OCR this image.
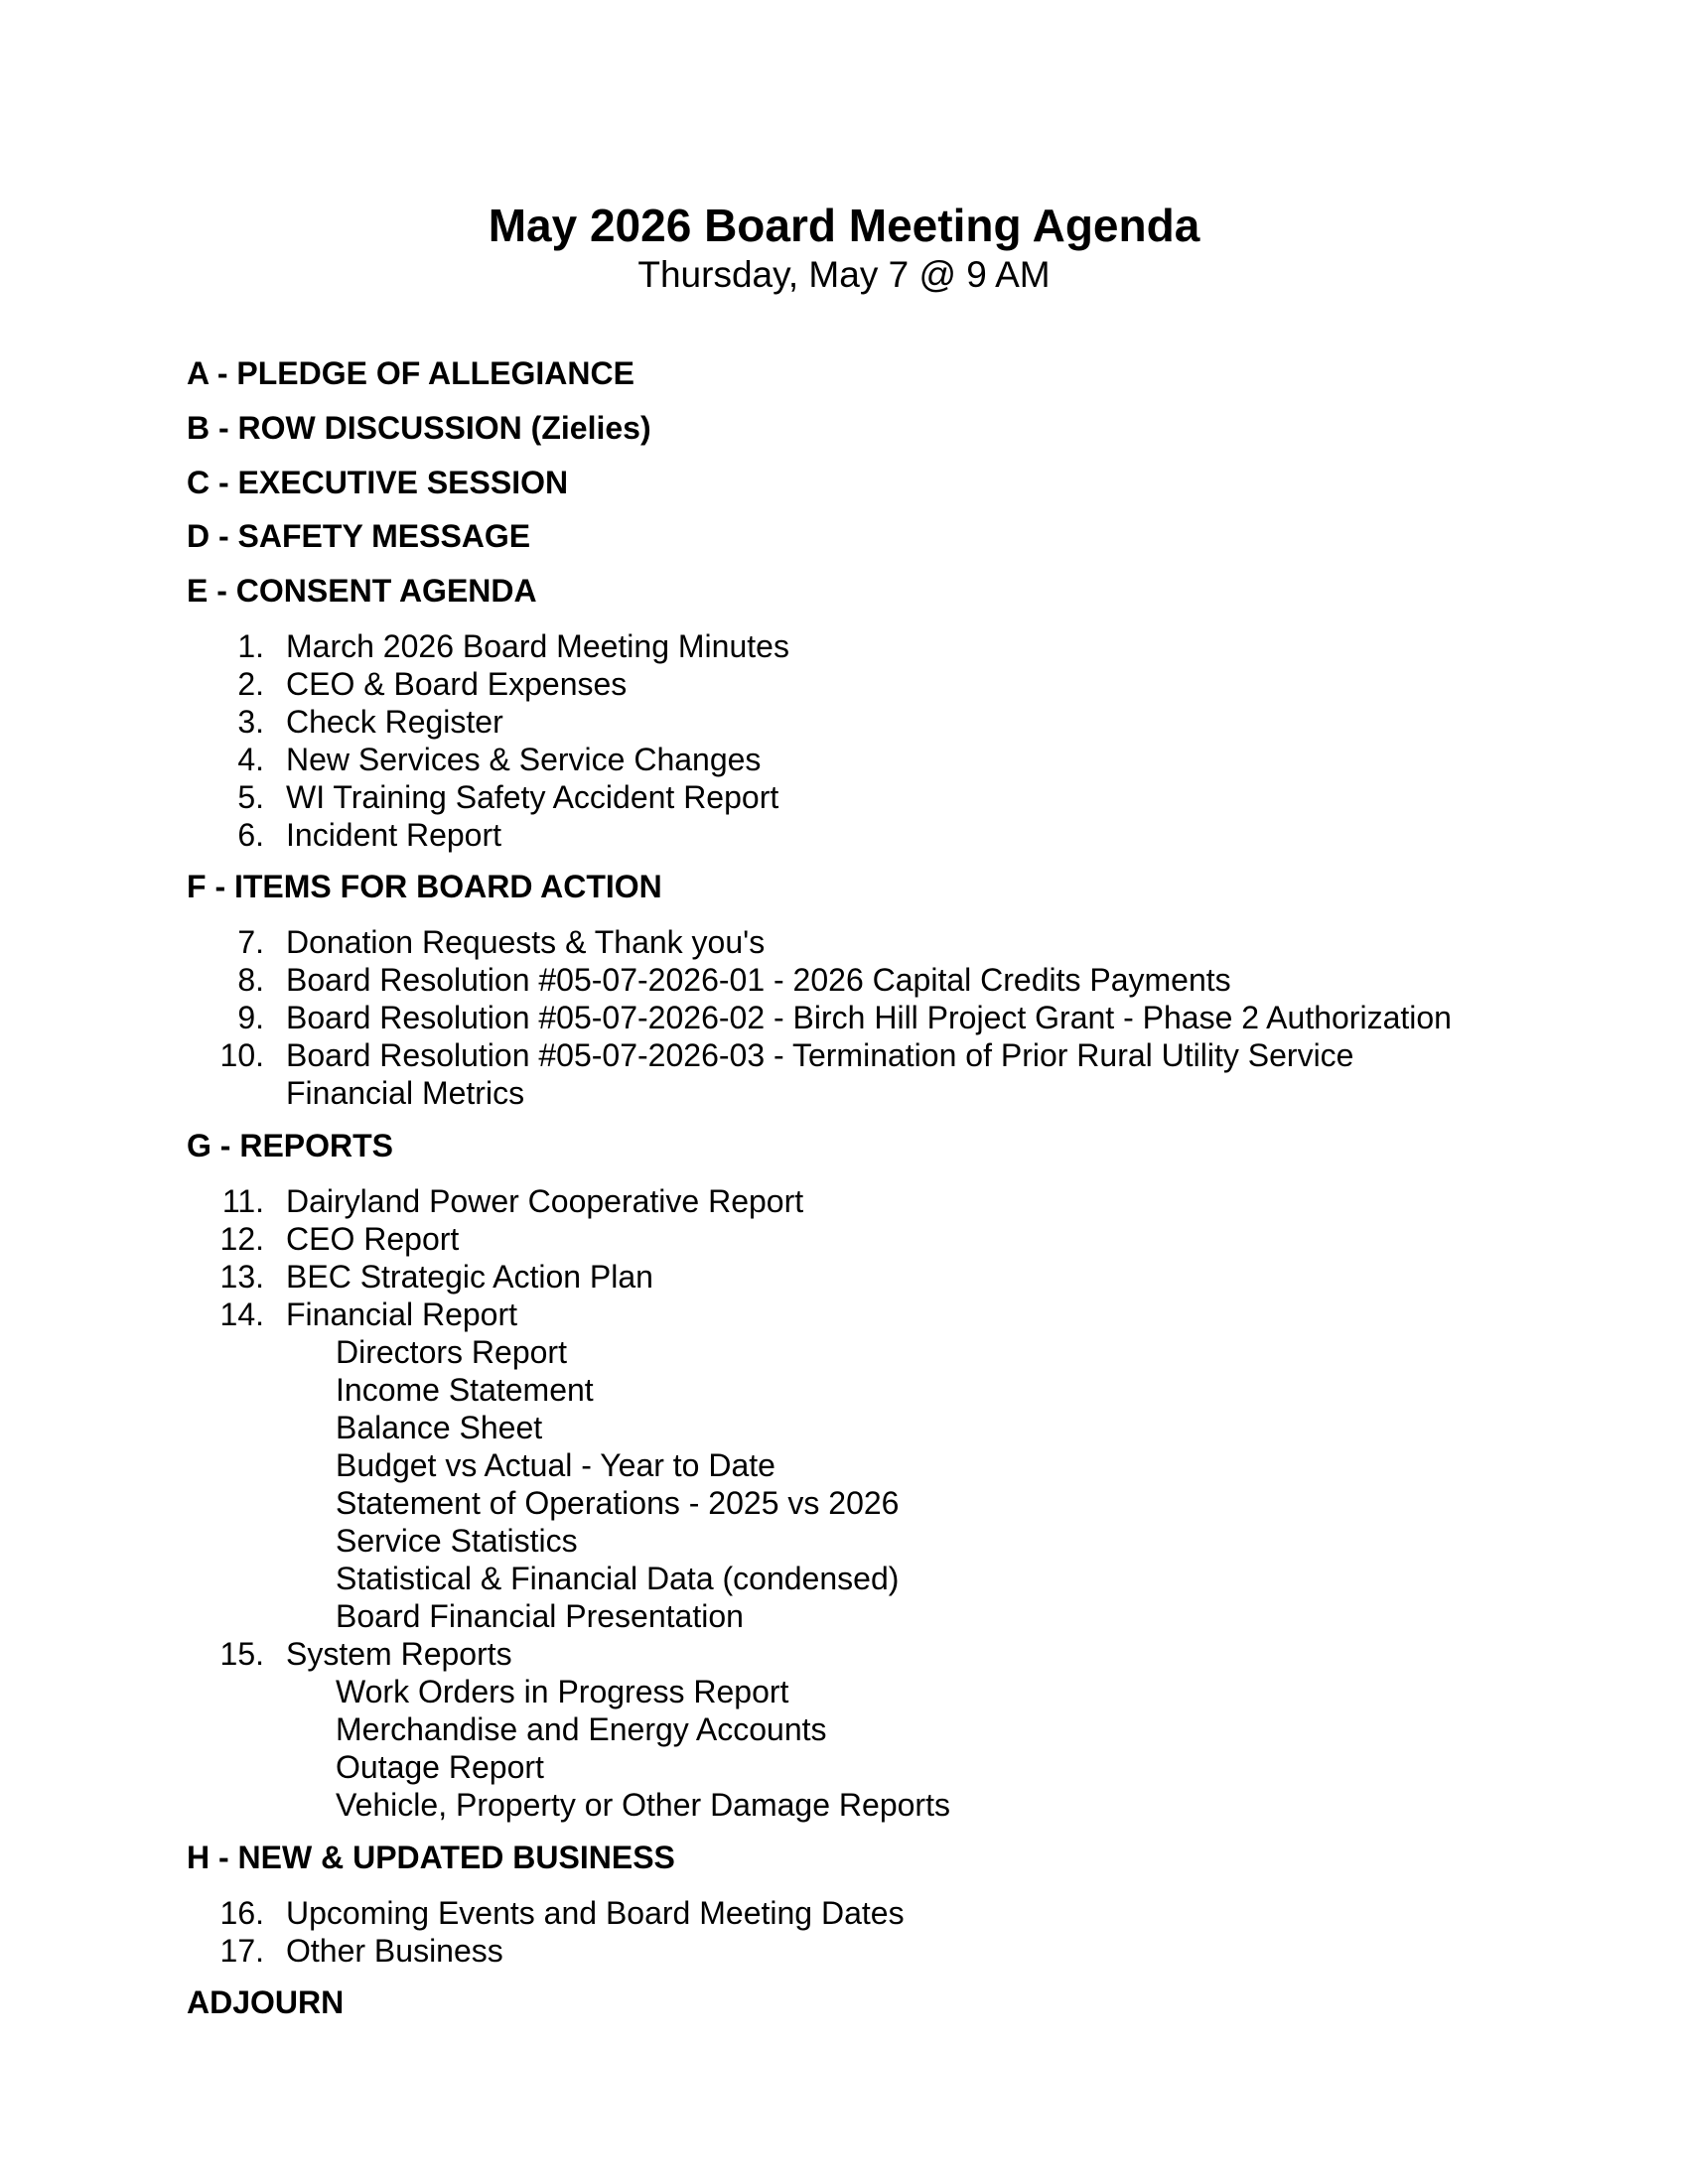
May 2026 Board Meeting Agenda
Thursday, May 7 @ 9 AM
A - PLEDGE OF ALLEGIANCE
B - ROW DISCUSSION (Zielies)
C - EXECUTIVE SESSION
D - SAFETY MESSAGE
E - CONSENT AGENDA
1. March 2026 Board Meeting Minutes
2. CEO & Board Expenses
3. Check Register
4. New Services & Service Changes
5. WI Training Safety Accident Report
6. Incident Report
F - ITEMS FOR BOARD ACTION
7. Donation Requests & Thank you's
8. Board Resolution #05-07-2026-01 - 2026 Capital Credits Payments
9. Board Resolution #05-07-2026-02 - Birch Hill Project Grant - Phase 2 Authorization
10. Board Resolution #05-07-2026-03 - Termination of Prior Rural Utility Service
Financial Metrics
G - REPORTS
11. Dairyland Power Cooperative Report
12. CEO Report
13. BEC Strategic Action Plan
14. Financial Report
Directors Report
Income Statement
Balance Sheet
Budget vs Actual - Year to Date
Statement of Operations - 2025 vs 2026
Service Statistics
Statistical & Financial Data (condensed)
Board Financial Presentation
15. System Reports
Work Orders in Progress Report
Merchandise and Energy Accounts
Outage Report
Vehicle, Property or Other Damage Reports
H - NEW & UPDATED BUSINESS
16. Upcoming Events and Board Meeting Dates
17. Other Business
ADJOURN
